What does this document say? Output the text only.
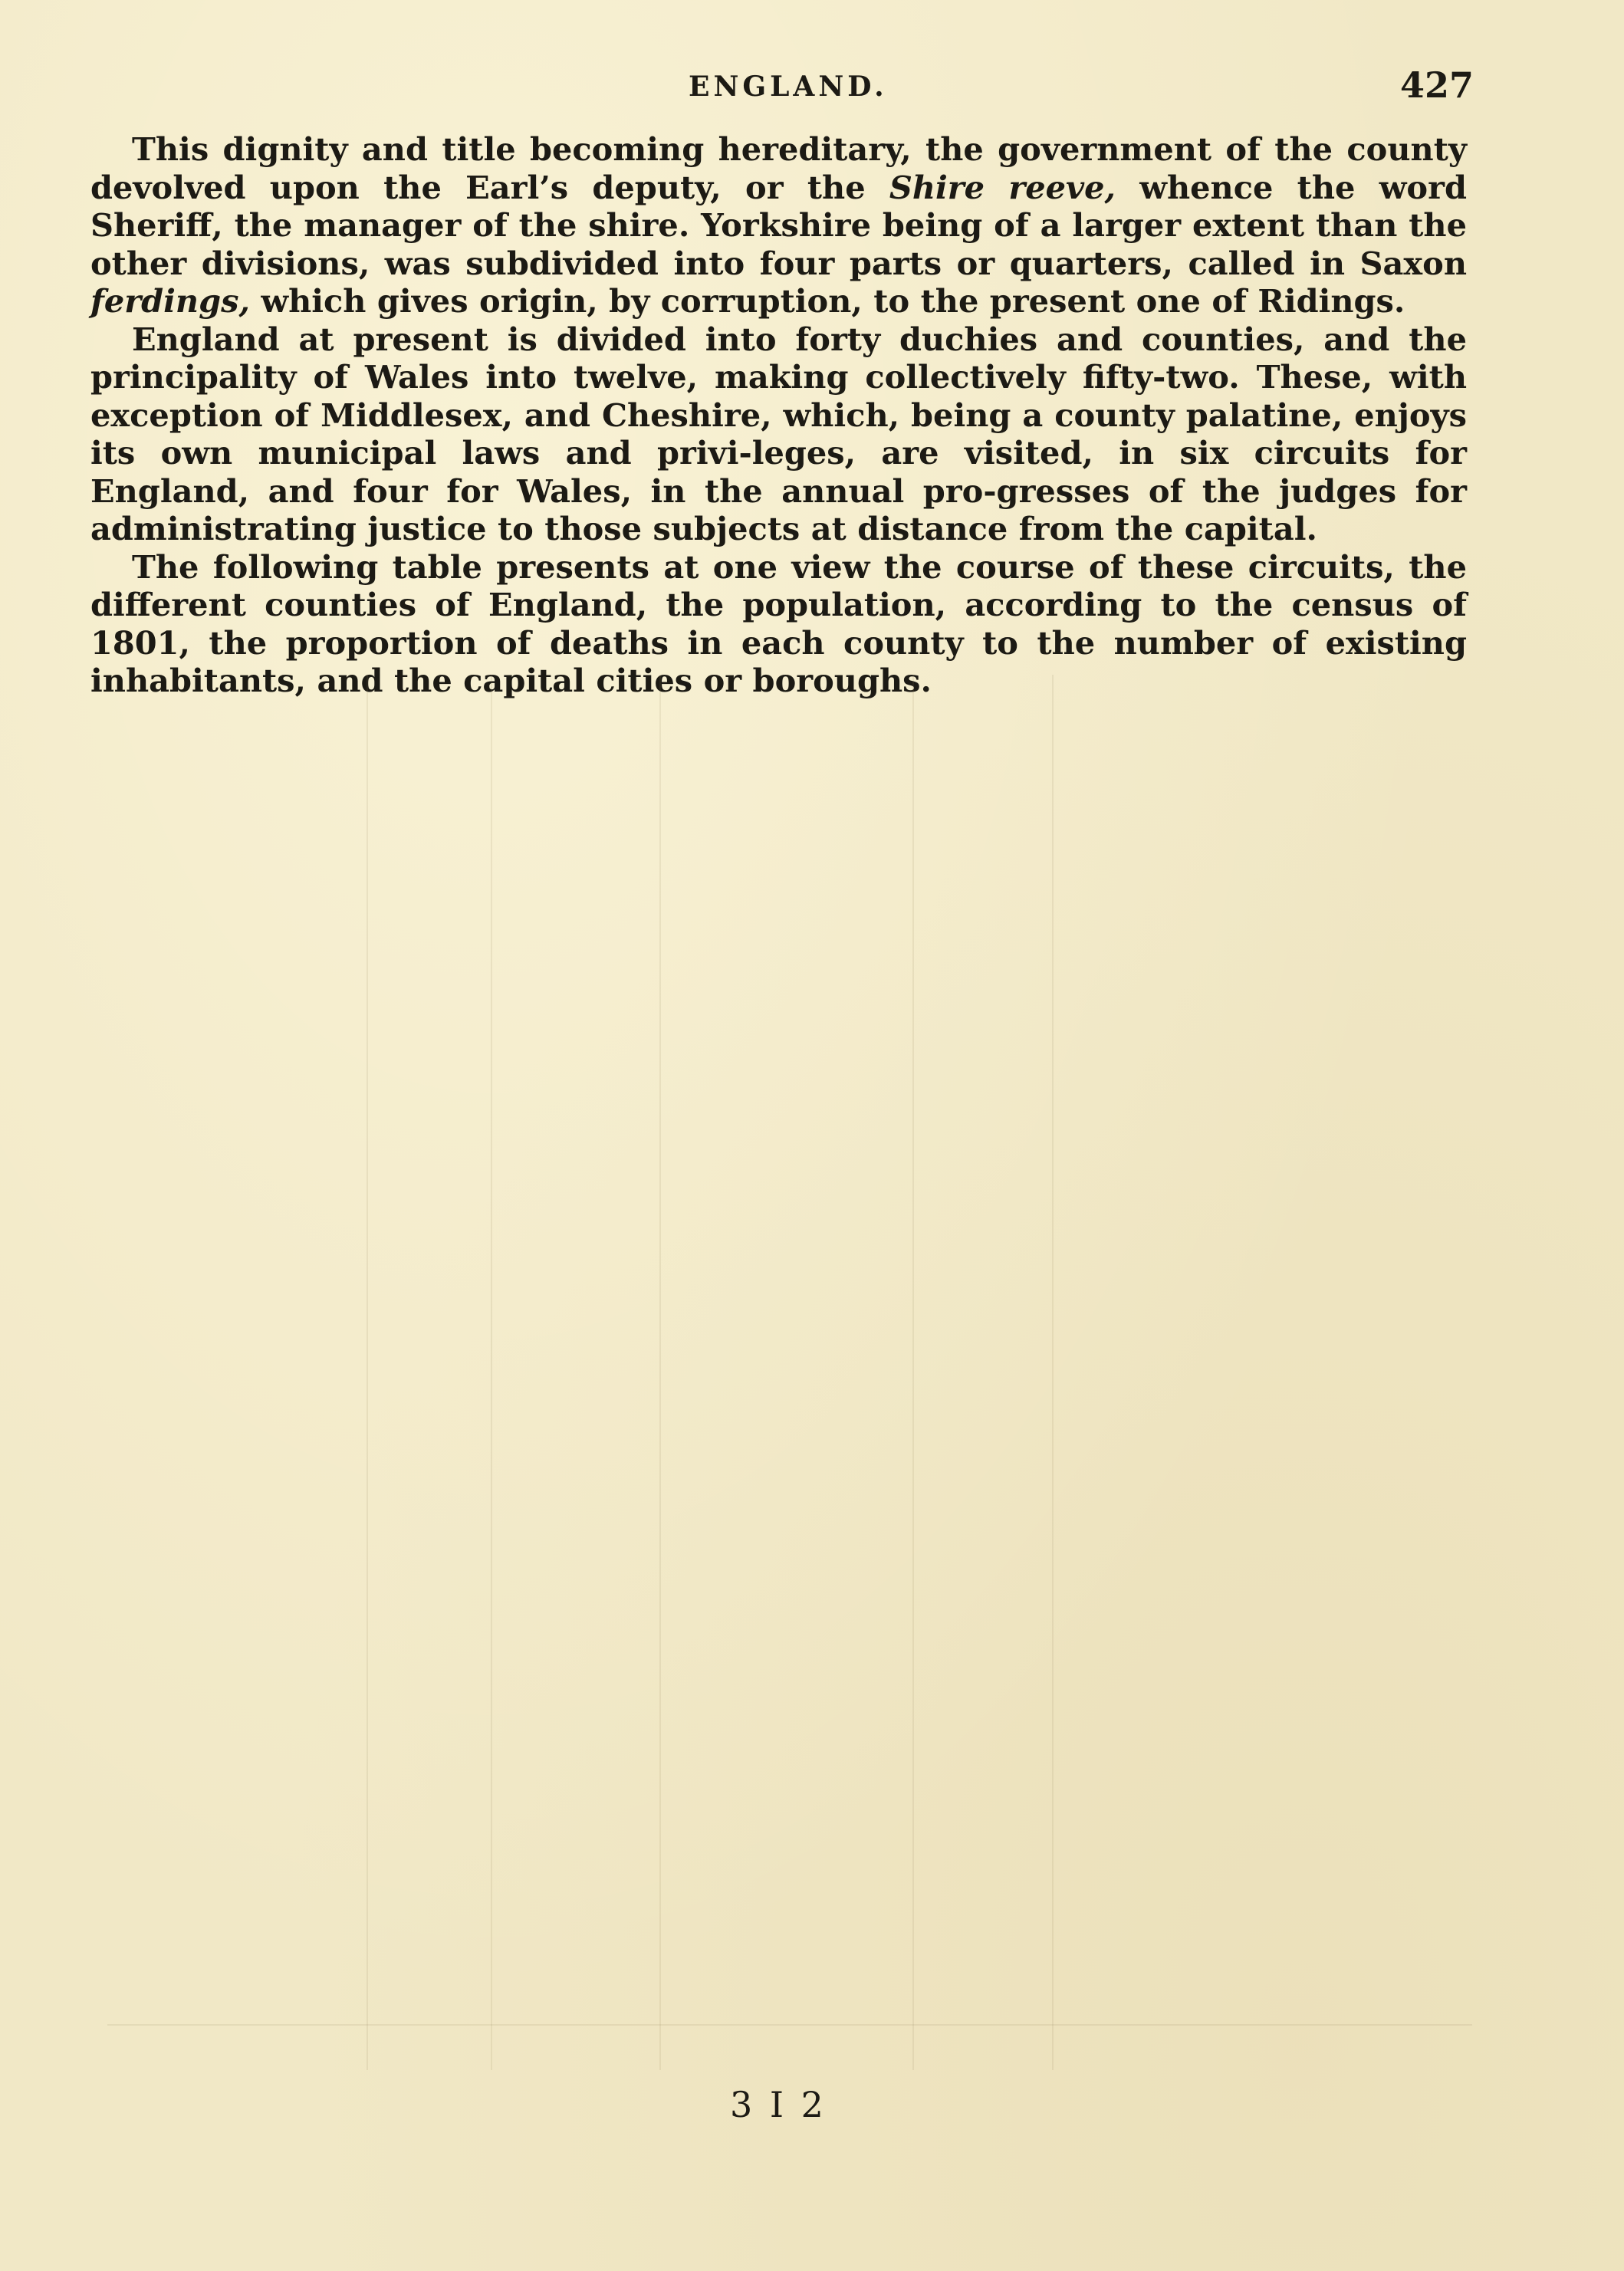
ENGLAND.	427

This dignity and title becoming hereditary, the government of the county devolved upon the Earl’s deputy, or the Shire reeve, whence the word Sheriff, the manager of the shire. Yorkshire being of a larger extent than the other divisions, was subdivided into four parts or quarters, called in Saxon ferdings, which gives origin, by corruption, to the present one of Ridings.

England at present is divided into forty duchies and counties, and the principality of Wales into twelve, making collectively fifty-two. These, with exception of Middlesex, and Cheshire, which, being a county palatine, enjoys its own municipal laws and privi-leges, are visited, in six circuits for England, and four for Wales, in the annual pro-gresses of the judges for administrating justice to those subjects at distance from the capital.

The following table presents at one view the course of these circuits, the different counties of England, the population, according to the census of 1801, the proportion of deaths in each county to the number of existing inhabitants, and the capital cities or boroughs.

3 I 2
